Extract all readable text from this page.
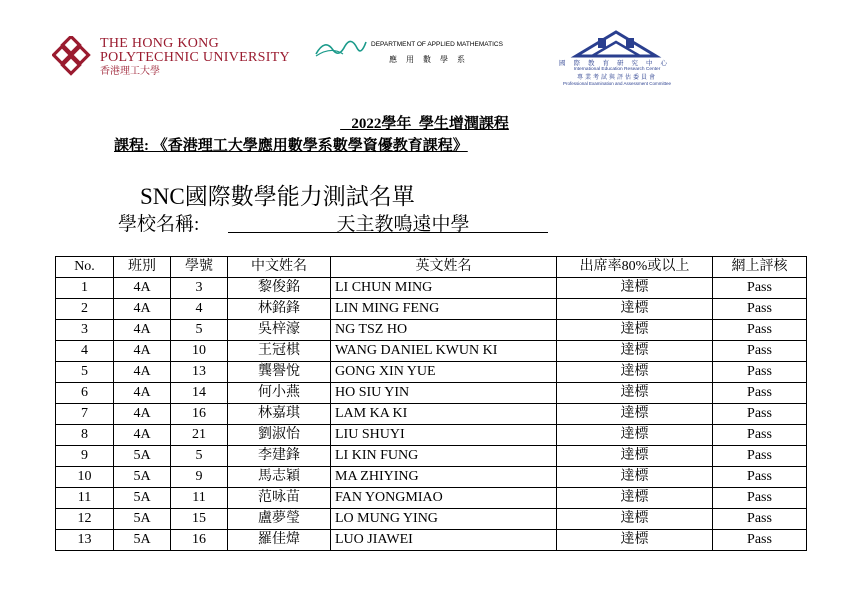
THE HONG KONG
POLYTECHNIC UNIVERSITY
香港理工大學
DEPARTMENT OF APPLIED MATHEMATICS
應用數學系	國際教育研究中心
International Education Research Center
專業考試與評估委員會
Professional Examination and Assessment Committee
2022學年  學生增潤課程
課程: 《香港理工大學應用數學系數學資優教育課程》
SNC國際數學能力測試名單
學校名稱:	天主教鳴遠中學
No.	班別	學號	中文姓名	英文姓名	出席率80%或以上	網上評核
1	4A	3	黎俊銘	LI CHUN MING	達標	Pass
2	4A	4	林銘鋒	LIN MING FENG	達標	Pass
3	4A	5	吳梓濠	NG TSZ HO	達標	Pass
4	4A	10	王冠棋	WANG DANIEL KWUN KI	達標	Pass
5	4A	13	龔譽悅	GONG XIN YUE	達標	Pass
6	4A	14	何小燕	HO SIU YIN	達標	Pass
7	4A	16	林嘉琪	LAM KA KI	達標	Pass
8	4A	21	劉淑怡	LIU SHUYI	達標	Pass
9	5A	5	李建鋒	LI KIN FUNG	達標	Pass
10	5A	9	馬志穎	MA ZHIYING	達標	Pass
11	5A	11	范咏苗	FAN YONGMIAO	達標	Pass
12	5A	15	盧夢瑩	LO MUNG YING	達標	Pass
13	5A	16	羅佳煒	LUO JIAWEI	達標	Pass
